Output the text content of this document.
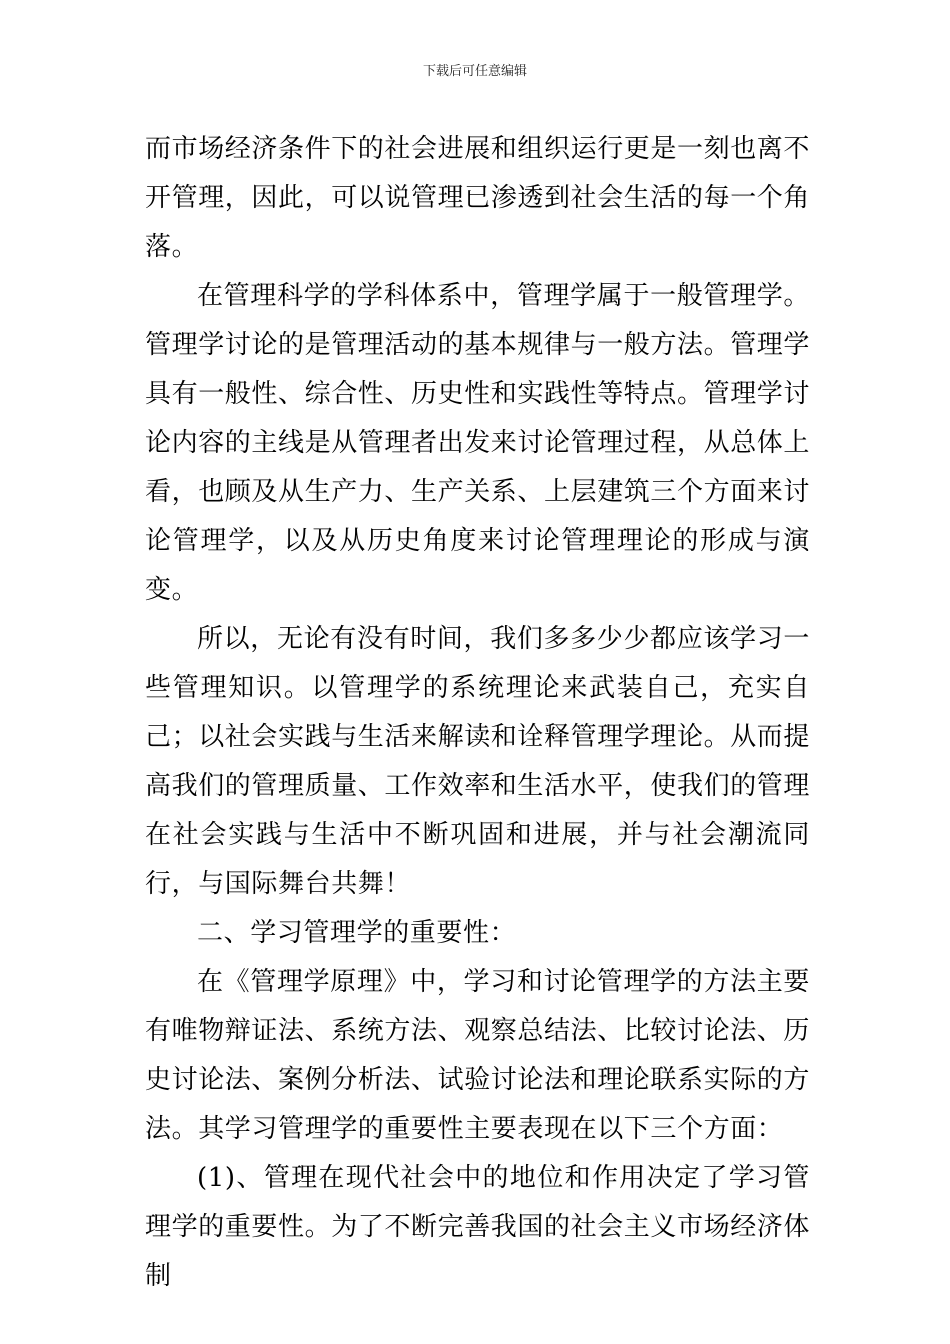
下载后可任意编辑

而市场经济条件下的社会进展和组织运行更是一刻也离不开管理，因此，可以说管理已渗透到社会生活的每一个角落。

在管理科学的学科体系中，管理学属于一般管理学。管理学讨论的是管理活动的基本规律与一般方法。管理学具有一般性、综合性、历史性和实践性等特点。管理学讨论内容的主线是从管理者出发来讨论管理过程，从总体上看，也顾及从生产力、生产关系、上层建筑三个方面来讨论管理学，以及从历史角度来讨论管理理论的形成与演变。

所以，无论有没有时间，我们多多少少都应该学习一些管理知识。以管理学的系统理论来武装自己，充实自己；以社会实践与生活来解读和诠释管理学理论。从而提高我们的管理质量、工作效率和生活水平，使我们的管理在社会实践与生活中不断巩固和进展，并与社会潮流同行，与国际舞台共舞！

二、学习管理学的重要性：

在《管理学原理》中，学习和讨论管理学的方法主要有唯物辩证法、系统方法、观察总结法、比较讨论法、历史讨论法、案例分析法、试验讨论法和理论联系实际的方法。其学习管理学的重要性主要表现在以下三个方面：

(1)、管理在现代社会中的地位和作用决定了学习管理学的重要性。为了不断完善我国的社会主义市场经济体制
